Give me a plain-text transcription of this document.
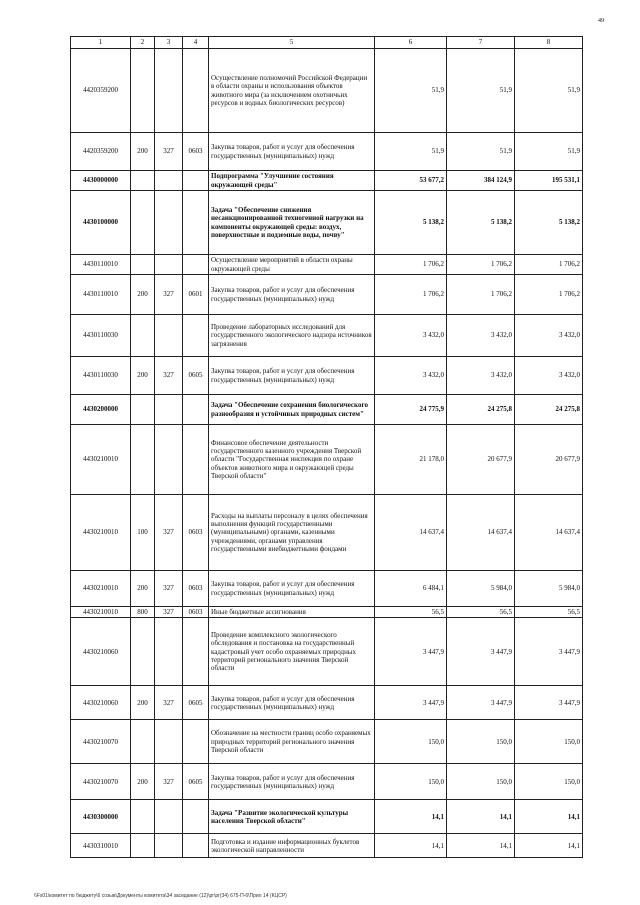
49
1	2	3	4	5	6	7	8
4420359200				Осуществление полномочий Российской Федерации в области охраны и использования объектов животного мира (за исключением охотничьих ресурсов и водных биологических ресурсов)	51,9	51,9	51,9
4420359200	200	327	0603	Закупка товаров, работ и услуг для обеспечения государственных (муниципальных) нужд	51,9	51,9	51,9
4430000000				Подпрограмма "Улучшение состояния окружающей среды"	53 677,2	384 124,9	195 531,1
4430100000				Задача "Обеспечение снижения несанкционированной техногенной нагрузки на компоненты окружающей среды: воздух, поверхностные и подземные воды, почву"	5 138,2	5 138,2	5 138,2
4430110010				Осуществление мероприятий в области охраны окружающей среды	1 706,2	1 706,2	1 706,2
4430110010	200	327	0601	Закупка товаров, работ и услуг для обеспечения государственных (муниципальных) нужд	1 706,2	1 706,2	1 706,2
4430110030				Проведение лабораторных исследований для государственного экологического надзора источников загрязнения	3 432,0	3 432,0	3 432,0
4430110030	200	327	0605	Закупка товаров, работ и услуг для обеспечения государственных (муниципальных) нужд	3 432,0	3 432,0	3 432,0
4430200000				Задача "Обеспечение сохранения биологического разнообразия и устойчивых природных систем"	24 775,9	24 275,8	24 275,8
4430210010				Финансовое обеспечение деятельности государственного казенного учреждения Тверской области "Государственная инспекция по охране объектов животного мира и окружающей среды Тверской области"	21 178,0	20 677,9	20 677,9
4430210010	100	327	0603	Расходы на выплаты персоналу в целях обеспечения выполнения функций государственными (муниципальными) органами, казенными учреждениями, органами управления государственными внебюджетными фондами	14 637,4	14 637,4	14 637,4
4430210010	200	327	0603	Закупка товаров, работ и услуг для обеспечения государственных (муниципальных) нужд	6 484,1	5 984,0	5 984,0
4430210010	800	327	0603	Иные бюджетные ассигнования	56,5	56,5	56,5
4430210060				Проведение комплексного экологического обследования и постановка на государственный кадастровый учет особо охраняемых природных территорий регионального значения Тверской области	3 447,9	3 447,9	3 447,9
4430210060	200	327	0605	Закупка товаров, работ и услуг для обеспечения государственных (муниципальных) нужд	3 447,9	3 447,9	3 447,9
4430210070				Обозначение на местности границ особо охраняемых природных территорий регионального значения Тверской области	150,0	150,0	150,0
4430210070	200	327	0605	Закупка товаров, работ и услуг для обеспечения государственных (муниципальных) нужд	150,0	150,0	150,0
4430300000				Задача "Развитие экологической культуры населения Тверской области"	14,1	14,1	14,1
4430310010				Подготовка и издание информационных буклетов экологической направленности	14,1	14,1	14,1
\\Fs01\комитет по бюджету\6 созыв\Документы комитета\34 заседание (12)\pr\pr(34) 675-П-6\Прил 14 (КЦСР)
